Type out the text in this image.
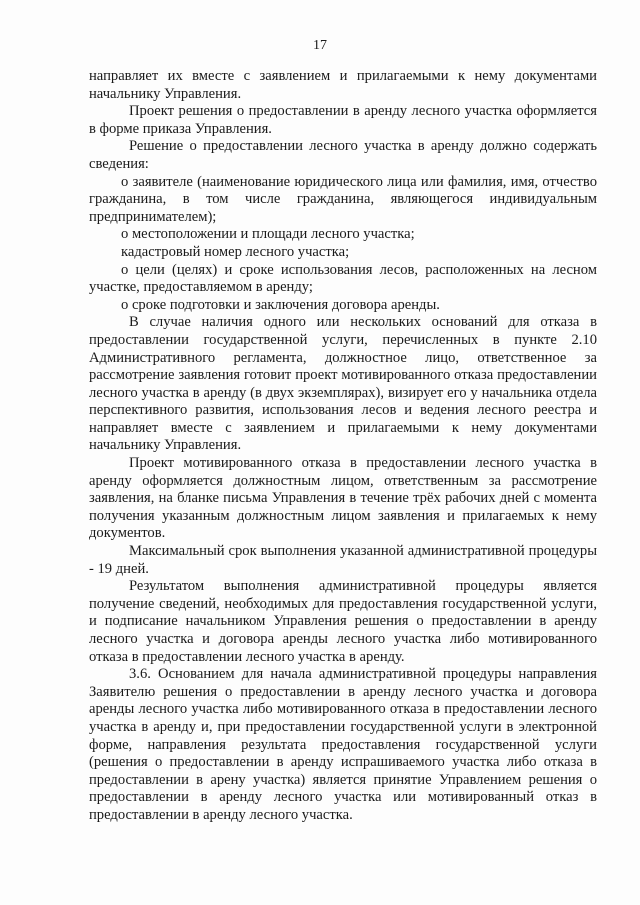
17

направляет их вместе с заявлением и прилагаемыми к нему документами начальнику Управления.

Проект решения о предоставлении в аренду лесного участка оформляется в форме приказа Управления.

Решение о предоставлении лесного участка в аренду должно содержать сведения:

о заявителе (наименование юридического лица или фамилия, имя, отчество гражданина, в том числе гражданина, являющегося индивидуальным предпринимателем);

о местоположении и площади лесного участка;

кадастровый номер лесного участка;

о цели (целях) и сроке использования лесов, расположенных на лесном участке, предоставляемом в аренду;

о сроке подготовки и заключения договора аренды.

В случае наличия одного или нескольких оснований для отказа в предоставлении государственной услуги, перечисленных в пункте 2.10 Административного регламента, должностное лицо, ответственное за рассмотрение заявления готовит проект мотивированного отказа предоставлении лесного участка в аренду (в двух экземплярах), визирует его у начальника отдела перспективного развития, использования лесов и ведения лесного реестра и направляет вместе с заявлением и прилагаемыми к нему документами начальнику Управления.

Проект мотивированного отказа в предоставлении лесного участка в аренду оформляется должностным лицом, ответственным за рассмотрение заявления, на бланке письма Управления в течение трёх рабочих дней с момента получения указанным должностным лицом заявления и прилагаемых к нему документов.

Максимальный срок выполнения указанной административной процедуры - 19 дней.

Результатом выполнения административной процедуры является получение сведений, необходимых для предоставления государственной услуги, и подписание начальником Управления решения о предоставлении в аренду лесного участка и договора аренды лесного участка либо мотивированного отказа в предоставлении лесного участка в аренду.

3.6. Основанием для начала административной процедуры направления Заявителю решения о предоставлении в аренду лесного участка и договора аренды лесного участка либо мотивированного отказа в предоставлении лесного участка в аренду и, при предоставлении государственной услуги в электронной форме, направления результата предоставления государственной услуги (решения о предоставлении в аренду испрашиваемого участка либо отказа в предоставлении в арену участка) является принятие Управлением решения о предоставлении в аренду лесного участка или мотивированный отказ в предоставлении в аренду лесного участка.
